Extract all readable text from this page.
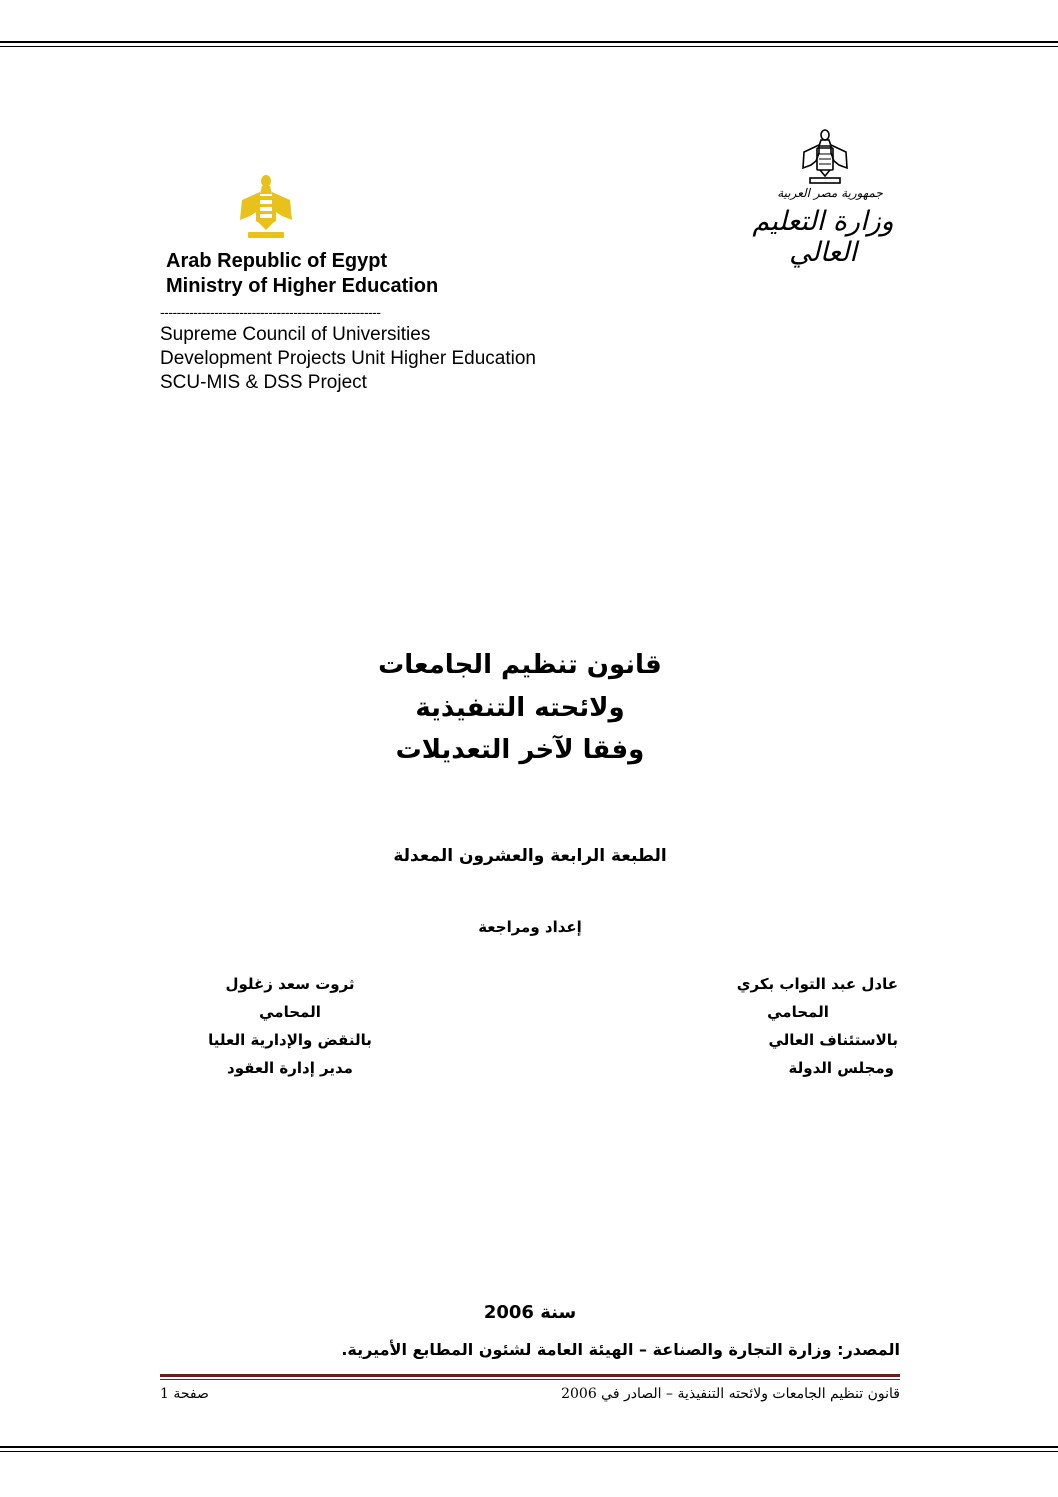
جمهورية مصر العربية
وزارة التعليم العالي
Arab Republic of Egypt
Ministry of Higher Education
-----------------------------------------------------
Supreme Council of Universities
Development Projects Unit Higher Education
SCU-MIS & DSS Project
قانون تنظيم الجامعات
ولائحته التنفيذية
وفقا لآخر التعديلات
الطبعة الرابعة والعشرون المعدلة
إعداد ومراجعة
عادل عبد التواب بكري
المحامي
بالاستئناف العالي
ومجلس الدولة
ثروت سعد زغلول
المحامي
بالنقض والإدارية العليا
مدير إدارة العقود
سنة 2006
المصدر: وزارة التجارة والصناعة – الهيئة العامة لشئون المطابع الأميرية.
قانون تنظيم الجامعات ولائحته التنفيذية – الصادر في 2006
صفحة 1
